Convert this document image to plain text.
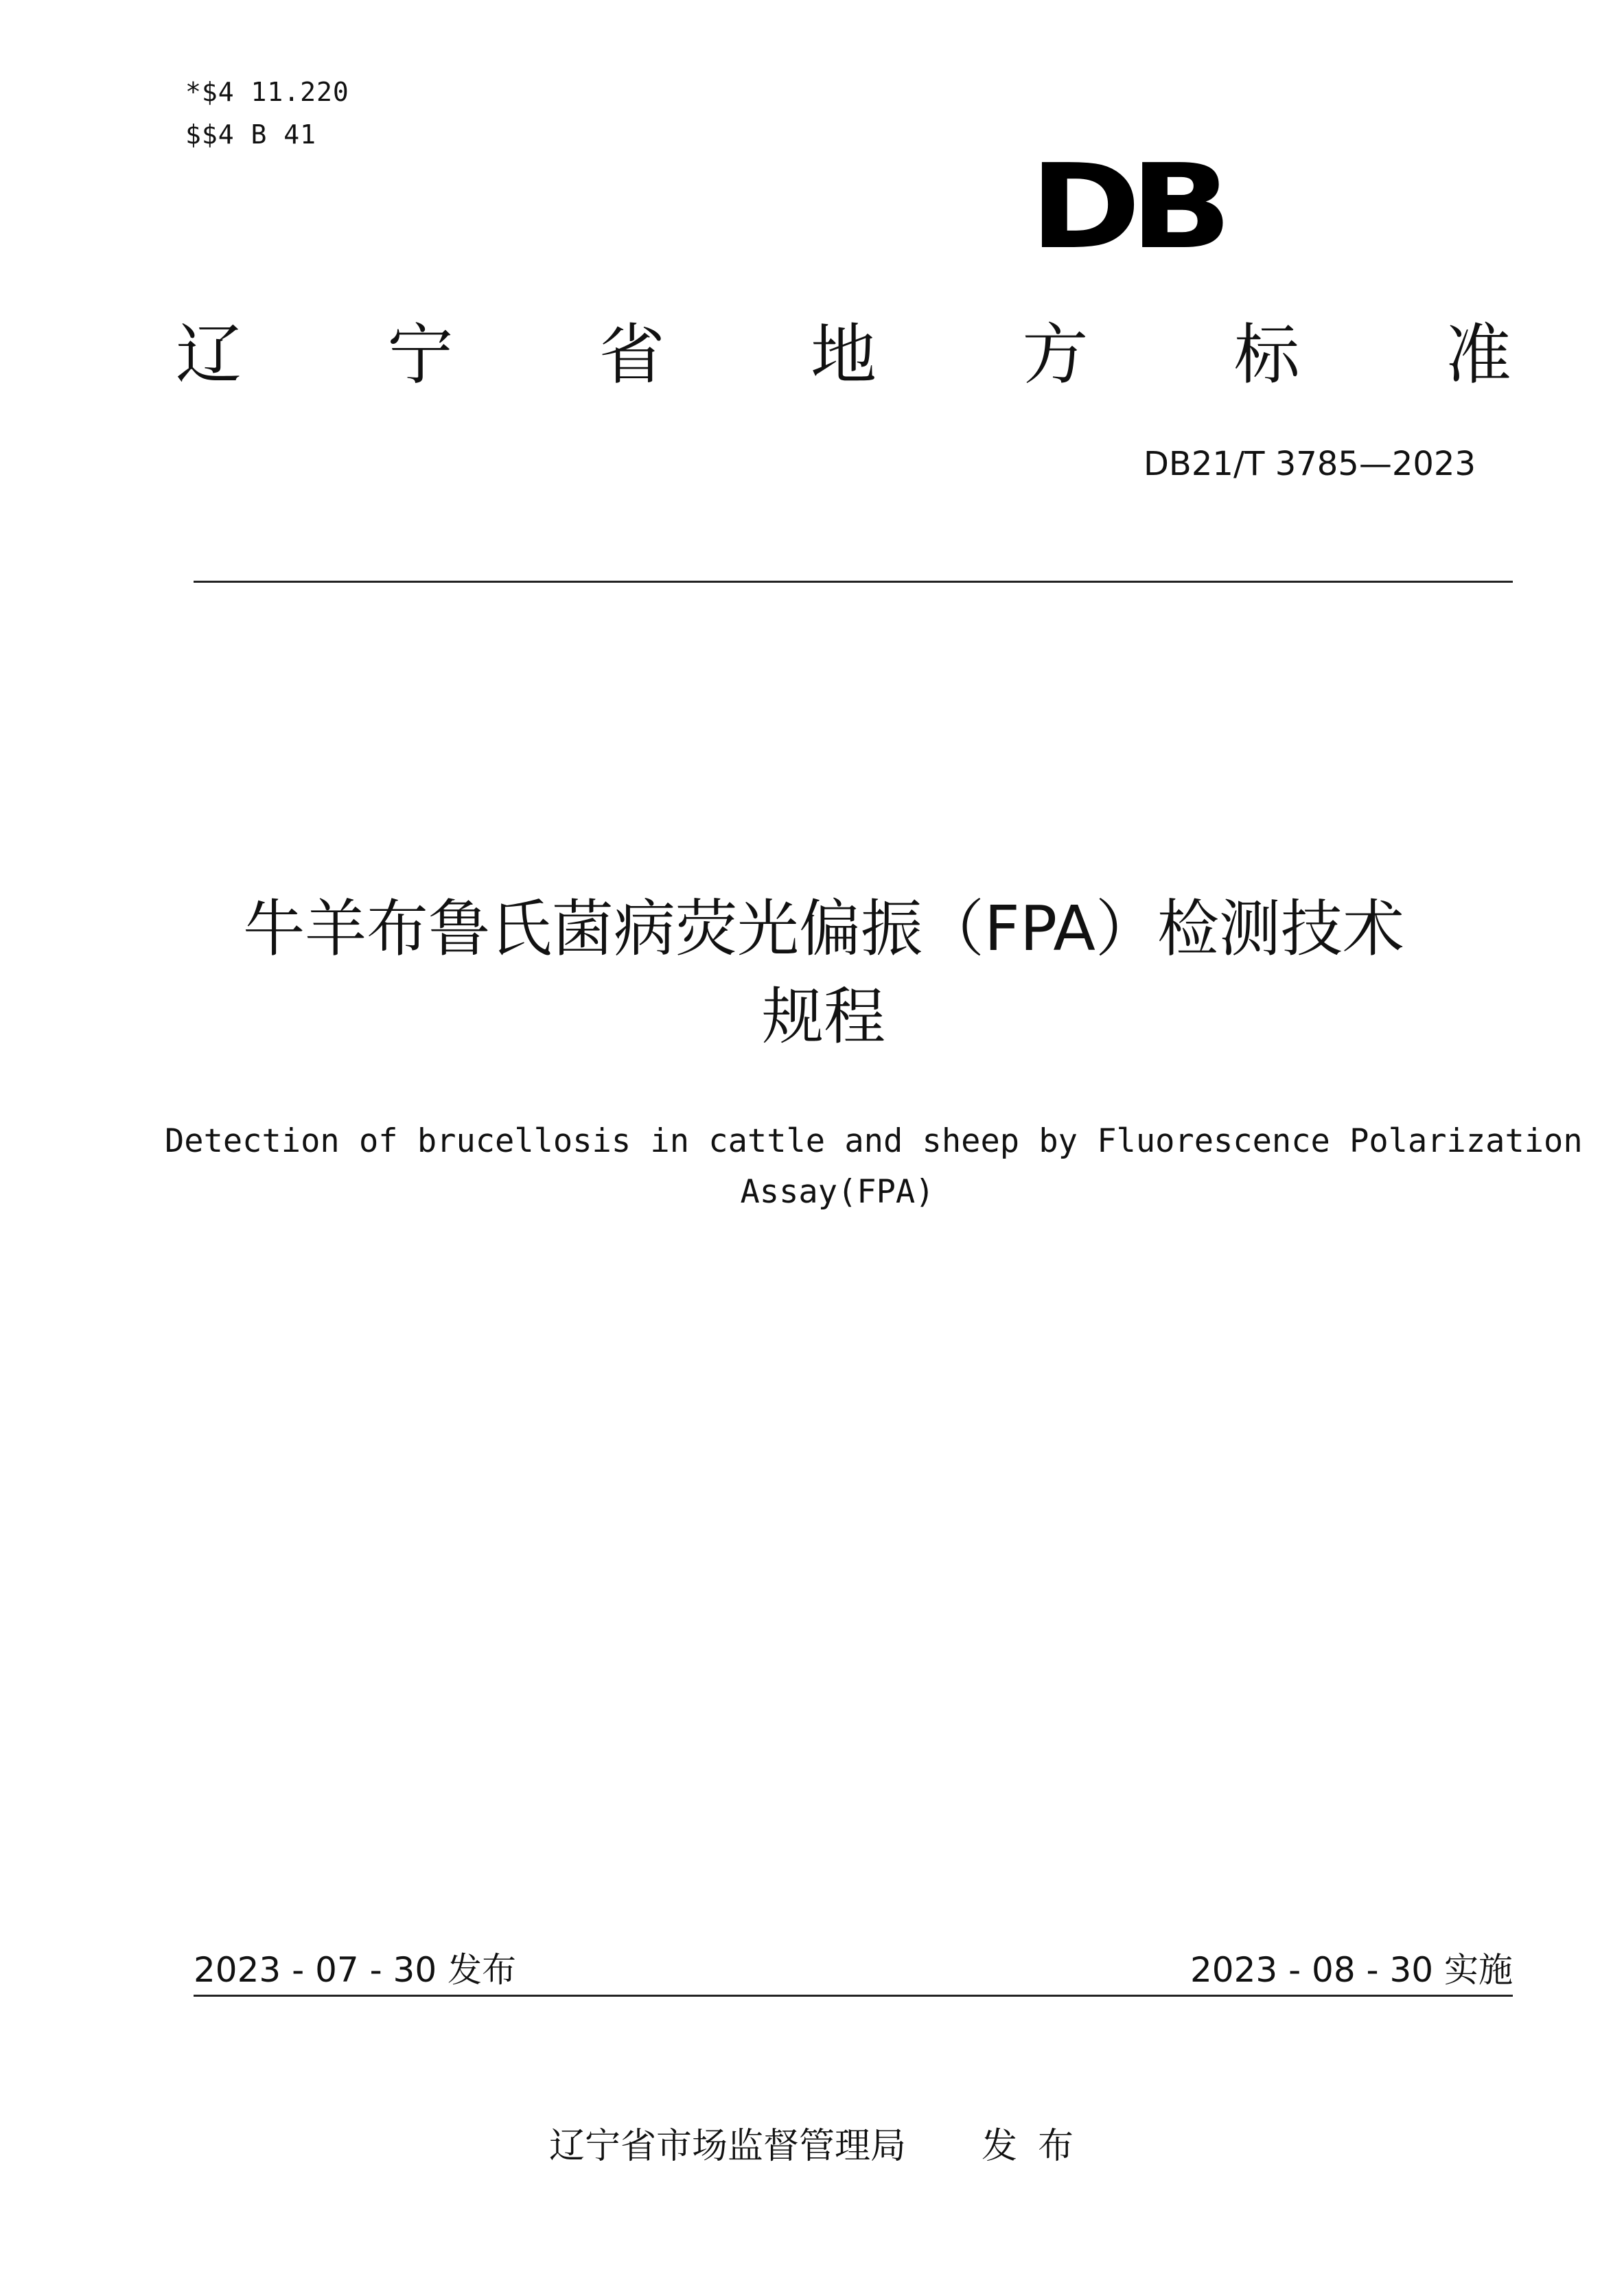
*$4 11.220
$$4 B 41
DB
辽 宁 省 地 方 标 准
DB21/T 3785—2023
牛羊布鲁氏菌病荧光偏振（FPA）检测技术
规程
Detection of brucellosis in cattle and sheep by Fluorescence Polarization
Assay(FPA)
2023 - 07 - 30 发布	2023 - 08 - 30 实施
辽宁省市场监督管理局 发布
